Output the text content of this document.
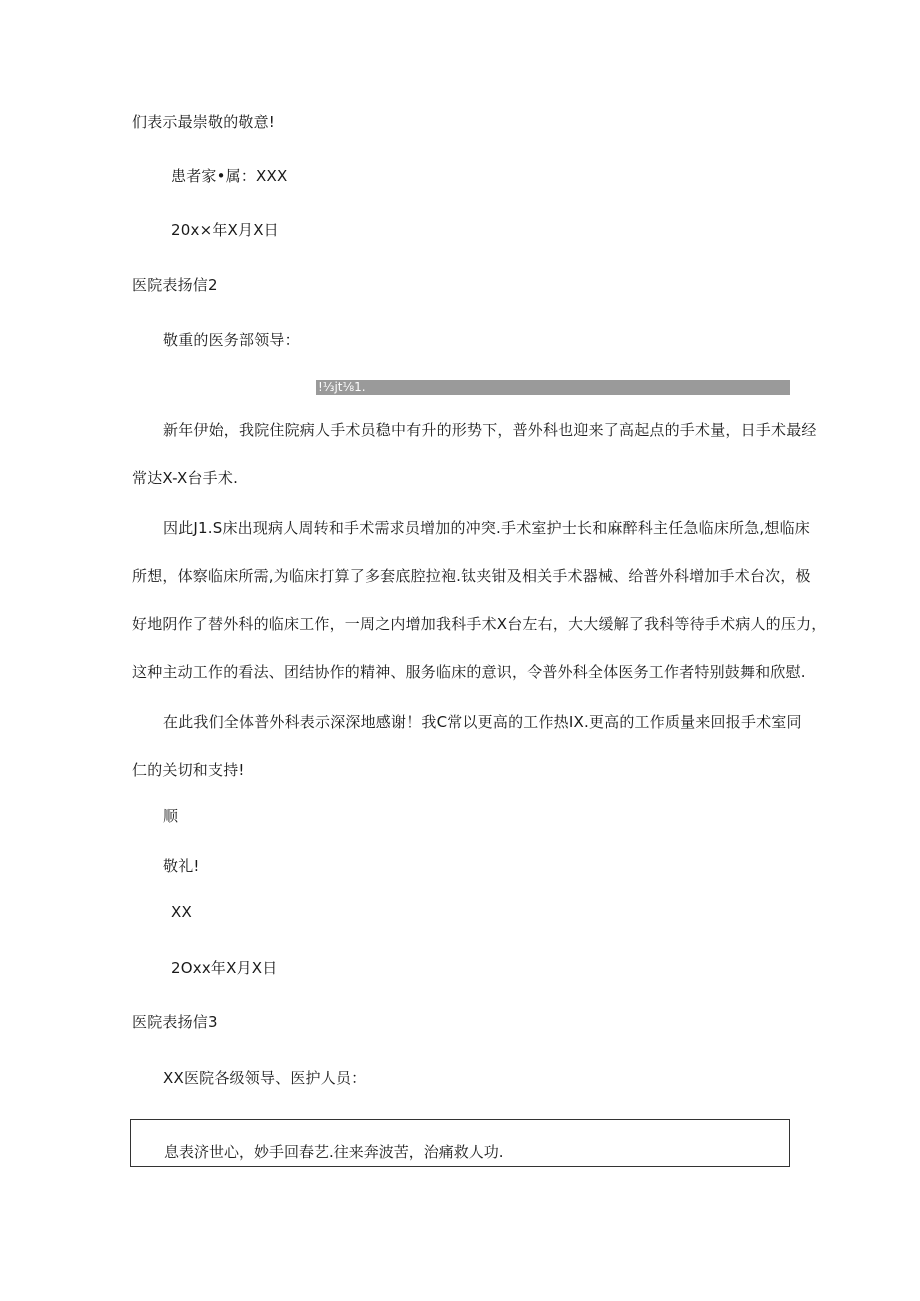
们表示最崇敬的敬意!
患者家•属：XXX
20x×年X月X日
医院表扬信2
敬重的医务部领导：
!⅓jt⅛1.
新年伊始，我院住院病人手术员稳中有升的形势下，普外科也迎来了高起点的手术量，日手术最经
常达X-X台手术.
因此J1.S床出现病人周转和手术需求员增加的冲突.手术室护士长和麻醉科主任急临床所急,想临床
所想，体察临床所需,为临床打算了多套底腔拉袍.钛夹钳及相关手术器械、给普外科增加手术台次，极
好地阴作了替外科的临床工作，一周之内增加我科手术X台左右，大大缓解了我科等待手术病人的压力，
这种主动工作的看法、团结协作的精神、服务临床的意识，令普外科全体医务工作者特别鼓舞和欣慰.
在此我们全体普外科表示深深地感谢！我C常以更高的工作热IX.更高的工作质量来回报手术室同
仁的关切和支持!
顺
敬礼!
XX
2Oxx年X月X日
医院表扬信3
XX医院各级领导、医护人员：
息表济世心，妙手回春艺.往来奔波苦，治痛救人功.
